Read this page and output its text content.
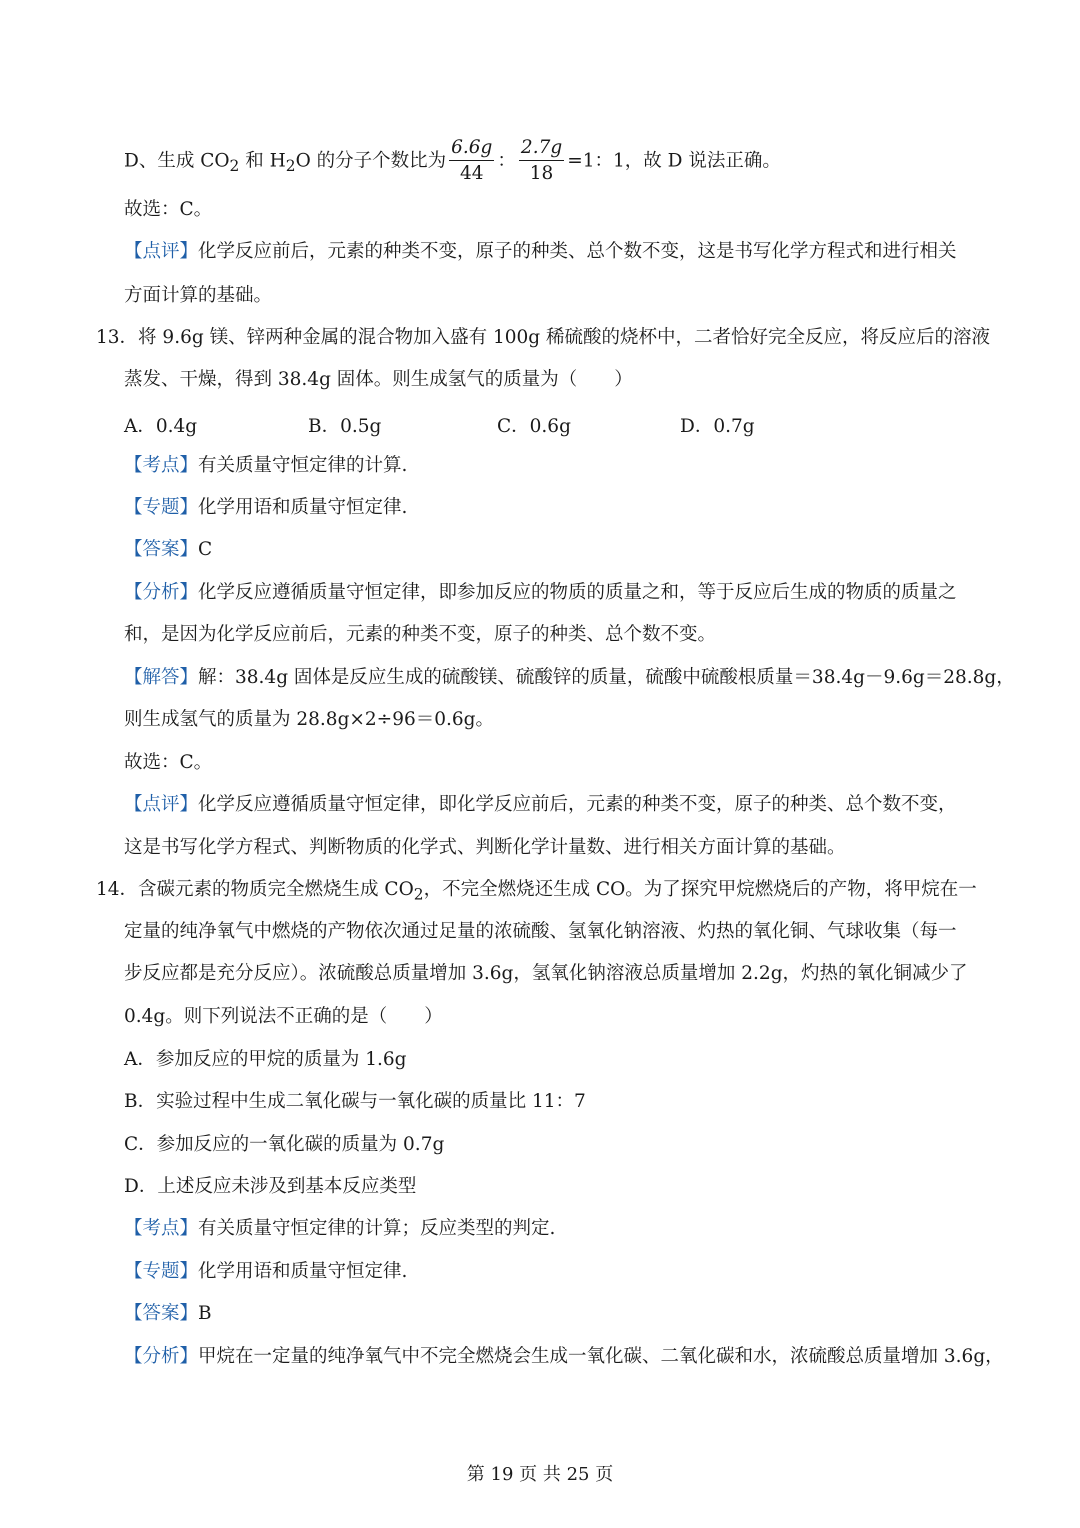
D、生成 $CO_2$ 和 $H_2O$ 的分子个数比为 $\frac{6.6g}{44}$ ： $\frac{2.7g}{18} =1$：1，故 D 说法正确。
故选：C。
【点评】化学反应前后，元素的种类不变，原子的种类、总个数不变，这是书写化学方程式和进行相关
方面计算的基础。
13．将 9.6g 镁、锌两种金属的混合物加入盛有 100g 稀硫酸的烧杯中，二者恰好完全反应，将反应后的溶液
蒸发、干燥，得到 38.4g 固体。则生成氢气的质量为（　　）
A．0.4g	B．0.5g	C．0.6g	D．0.7g
【考点】有关质量守恒定律的计算.
【专题】化学用语和质量守恒定律.
【答案】C
【分析】化学反应遵循质量守恒定律，即参加反应的物质的质量之和，等于反应后生成的物质的质量之
和，是因为化学反应前后，元素的种类不变，原子的种类、总个数不变。
【解答】解：38.4g 固体是反应生成的硫酸镁、硫酸锌的质量，硫酸中硫酸根质量＝38.4g－9.6g＝28.8g，
则生成氢气的质量为 28.8g×2÷96＝0.6g。
故选：C。
【点评】化学反应遵循质量守恒定律，即化学反应前后，元素的种类不变，原子的种类、总个数不变，
这是书写化学方程式、判断物质的化学式、判断化学计量数、进行相关方面计算的基础。
14．含碳元素的物质完全燃烧生成 $CO_2$，不完全燃烧还生成 CO。为了探究甲烷燃烧后的产物，将甲烷在一
定量的纯净氧气中燃烧的产物依次通过足量的浓硫酸、氢氧化钠溶液、灼热的氧化铜、气球收集（每一
步反应都是充分反应）。浓硫酸总质量增加 3.6g，氢氧化钠溶液总质量增加 2.2g，灼热的氧化铜减少了
0.4g。则下列说法不正确的是（　　）
A．参加反应的甲烷的质量为 1.6g
B．实验过程中生成二氧化碳与一氧化碳的质量比 11：7
C．参加反应的一氧化碳的质量为 0.7g
D．上述反应未涉及到基本反应类型
【考点】有关质量守恒定律的计算；反应类型的判定.
【专题】化学用语和质量守恒定律.
【答案】B
【分析】甲烷在一定量的纯净氧气中不完全燃烧会生成一氧化碳、二氧化碳和水，浓硫酸总质量增加 3.6g，
第 19 页 共 25 页
